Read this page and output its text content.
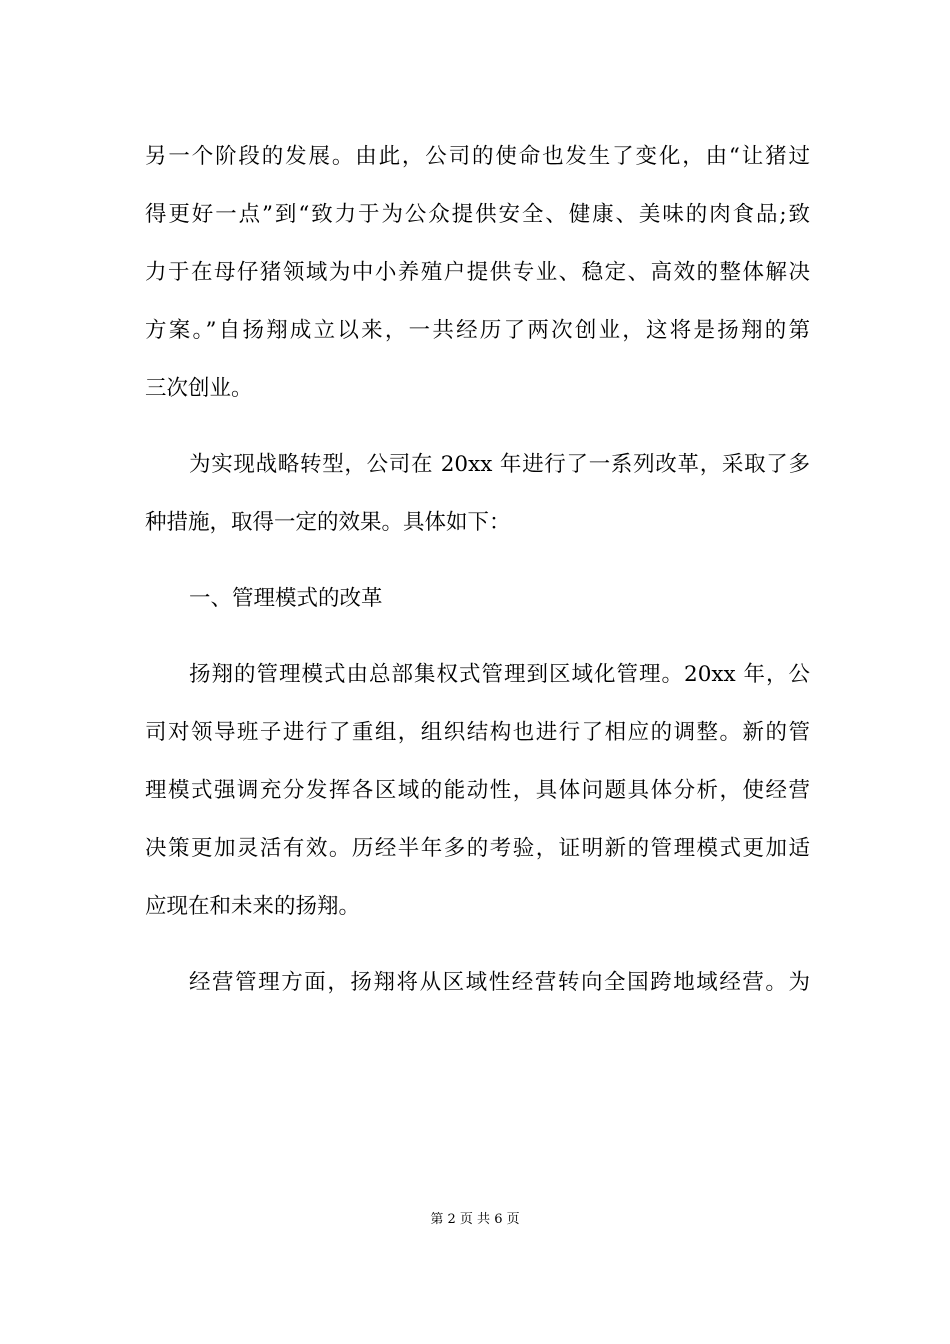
另一个阶段的发展。由此，公司的使命也发生了变化，由“让猪过
得更好一点”到“致力于为公众提供安全、健康、美味的肉食品;致
力于在母仔猪领域为中小养殖户提供专业、稳定、高效的整体解决
方案。”自扬翔成立以来，一共经历了两次创业，这将是扬翔的第
三次创业。
为实现战略转型，公司在 20xx 年进行了一系列改革，采取了多
种措施，取得一定的效果。具体如下：
一、管理模式的改革
扬翔的管理模式由总部集权式管理到区域化管理。20xx 年，公
司对领导班子进行了重组，组织结构也进行了相应的调整。新的管
理模式强调充分发挥各区域的能动性，具体问题具体分析，使经营
决策更加灵活有效。历经半年多的考验，证明新的管理模式更加适
应现在和未来的扬翔。
经营管理方面，扬翔将从区域性经营转向全国跨地域经营。为
第 2 页 共 6 页
